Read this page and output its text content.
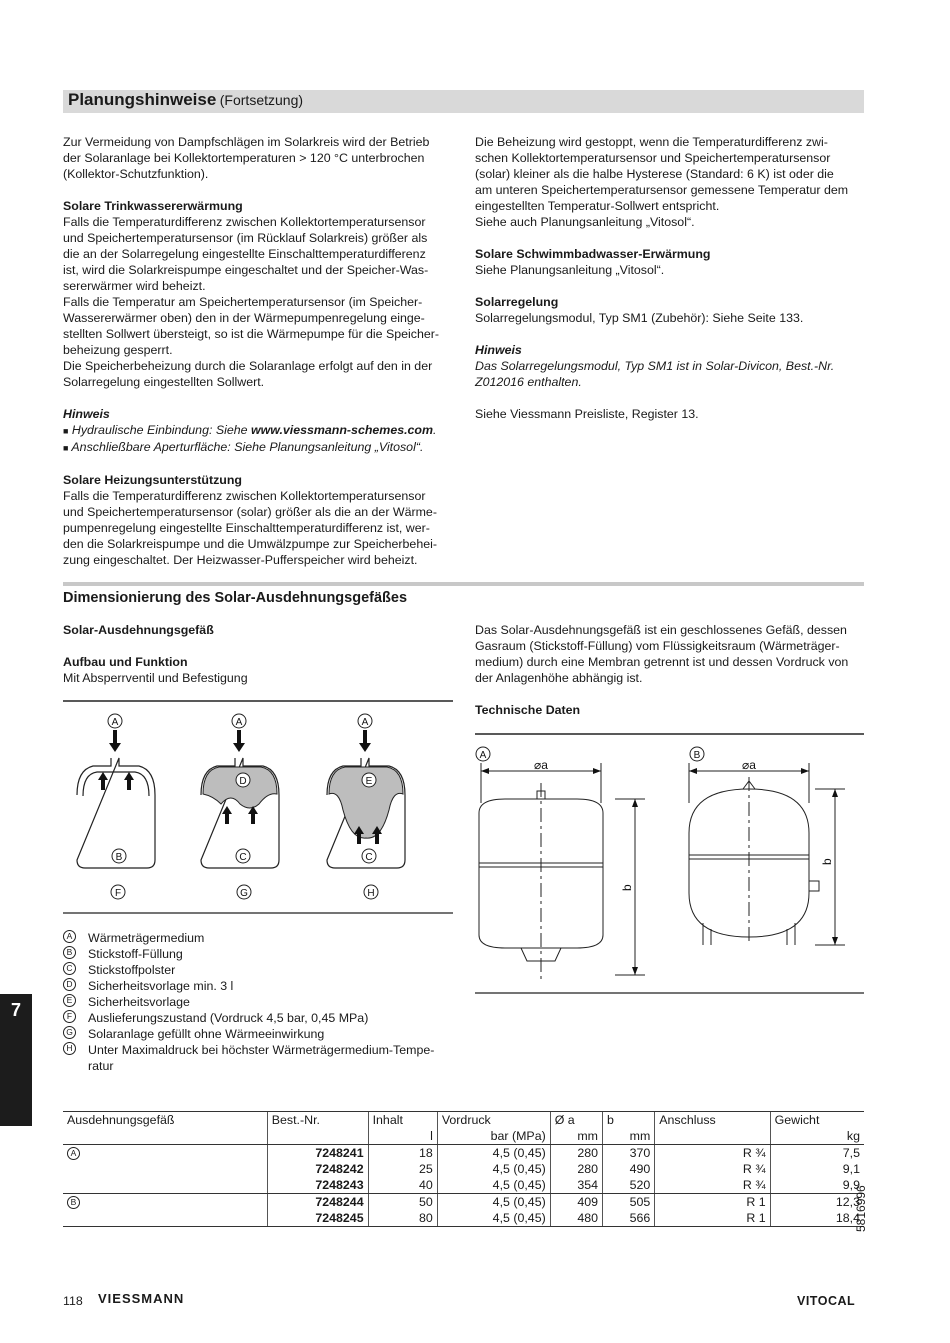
Planungshinweise (Fortsetzung)

Zur Vermeidung von Dampfschlägen im Solarkreis wird der Betrieb

der Solaranlage bei Kollektortemperaturen > 120 °C unterbrochen

(Kollektor-Schutzfunktion).

Solare Trinkwassererwärmung

Falls die Temperaturdifferenz zwischen Kollektortemperatursensor

und Speichertemperatursensor (im Rücklauf Solarkreis) größer als

die an der Solarregelung eingestellte Einschalttemperaturdifferenz

ist, wird die Solarkreispumpe eingeschaltet und der Speicher-Was-

sererwärmer wird beheizt.

Falls die Temperatur am Speichertemperatursensor (im Speicher-

Wassererwärmer oben) den in der Wärmepumpenregelung einge-

stellten Sollwert übersteigt, so ist die Wärmepumpe für die Speicher-

beheizung gesperrt.

Die Speicherbeheizung durch die Solaranlage erfolgt auf den in der

Solarregelung eingestellten Sollwert.

Hinweis

■ Hydraulische Einbindung: Siehe www.viessmann-schemes.com.

■ Anschließbare Aperturfläche: Siehe Planungsanleitung „Vitosol“.

Solare Heizungsunterstützung

Falls die Temperaturdifferenz zwischen Kollektortemperatursensor

und Speichertemperatursensor (solar) größer als die an der Wärme-

pumpenregelung eingestellte Einschalttemperaturdifferenz ist, wer-

den die Solarkreispumpe und die Umwälzpumpe zur Speicherbehei-

zung eingeschaltet. Der Heizwasser-Pufferspeicher wird beheizt.

Die Beheizung wird gestoppt, wenn die Temperaturdifferenz zwi-

schen Kollektortemperatursensor und Speichertemperatursensor

(solar) kleiner als die halbe Hysterese (Standard: 6 K) ist oder die

am unteren Speichertemperatursensor gemessene Temperatur dem

eingestellten Temperatur-Sollwert entspricht.

Siehe auch Planungsanleitung „Vitosol“.

Solare Schwimmbadwasser-Erwärmung

Siehe Planungsanleitung „Vitosol“.

Solarregelung

Solarregelungsmodul, Typ SM1 (Zubehör): Siehe Seite 133.

Hinweis

Das Solarregelungsmodul, Typ SM1 ist in Solar-Divicon, Best.-Nr.

Z012016 enthalten.

Siehe Viessmann Preisliste, Register 13.

Dimensionierung des Solar-Ausdehnungsgefäßes

Solar-Ausdehnungsgefäß

Aufbau und Funktion

Mit Absperrventil und Befestigung

Das Solar-Ausdehnungsgefäß ist ein geschlossenes Gefäß, dessen

Gasraum (Stickstoff-Füllung) vom Flüssigkeitsraum (Wärmeträger-

medium) durch eine Membran getrennt ist und dessen Vordruck von

der Anlagenhöhe abhängig ist.

Technische Daten

A	A	A
B	C	C
D	E
F	G	H
A	B
⌀a	⌀a
b
b
A Wärmeträgermedium
B Stickstoff-Füllung
C Stickstoffpolster
D Sicherheitsvorlage min. 3 l
E Sicherheitsvorlage
F	Auslieferungszustand (Vordruck 4,5 bar, 0,45 MPa)
G Solaranlage gefüllt ohne Wärmeeinwirkung
H Unter Maximaldruck bei höchster Wärmeträgermedium-Tempe-ratur
Ausdehnungsgefäß	Best.-Nr.	Inhalt	Vordruck	Ø a	b	Anschluss	Gewicht
		l	bar (MPa)	mm	mm		kg
A	7248241	18	4,5 (0,45)	280	370	R ¾	7,5
	7248242	25	4,5 (0,45)	280	490	R ¾	9,1
	7248243	40	4,5 (0,45)	354	520	R ¾	9,9
B	7248244	50	4,5 (0,45)	409	505	R 1	12,3
	7248245	80	4,5 (0,45)	480	566	R 1	18,4
7
5816996
118 VIESSMANN	VITOCAL
